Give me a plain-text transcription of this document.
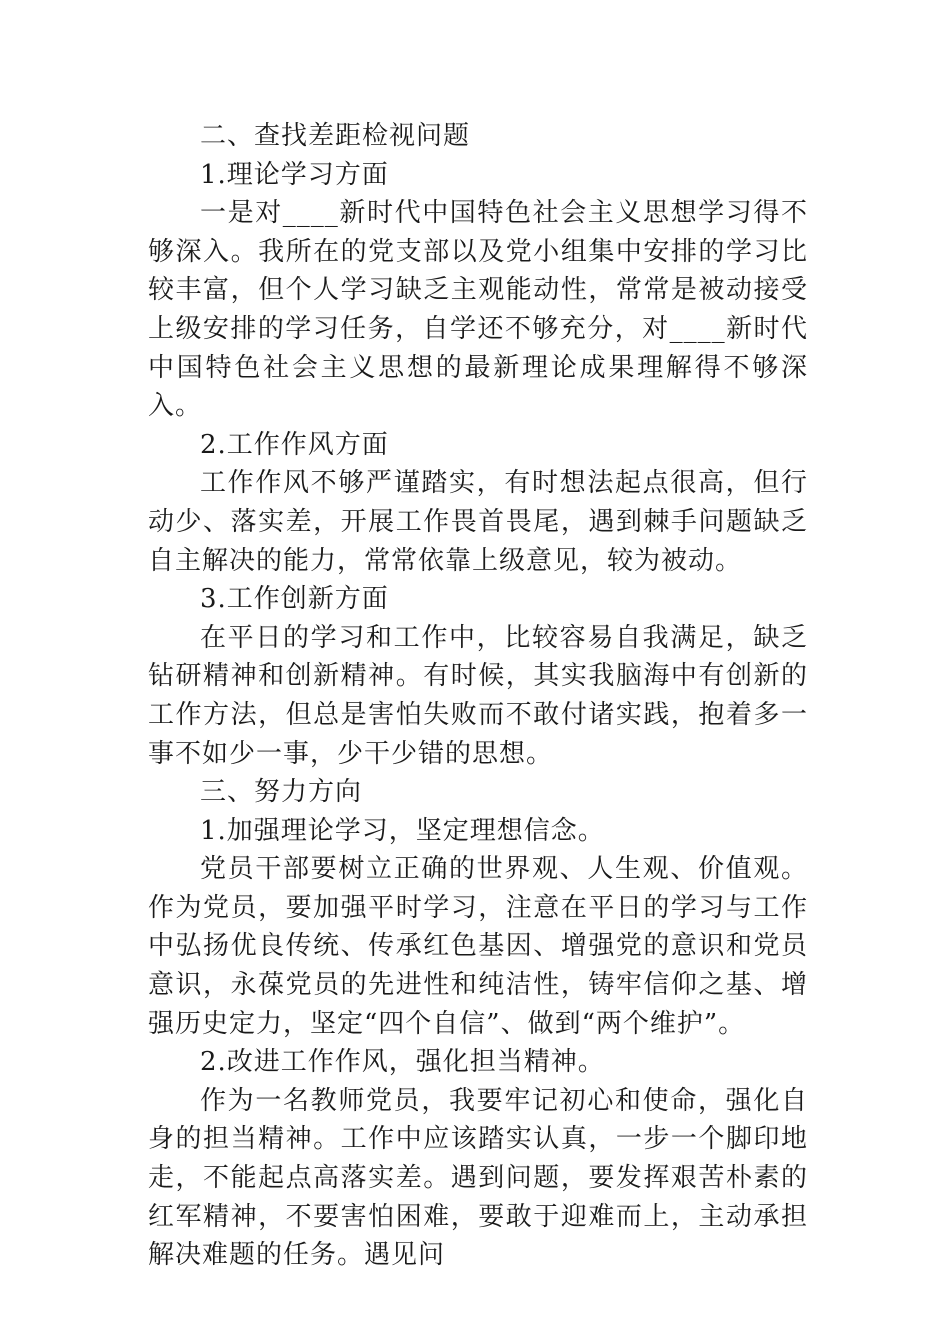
二、查找差距检视问题

1.理论学习方面

一是对____新时代中国特色社会主义思想学习得不够深入。我所在的党支部以及党小组集中安排的学习比较丰富，但个人学习缺乏主观能动性，常常是被动接受上级安排的学习任务，自学还不够充分，对____新时代中国特色社会主义思想的最新理论成果理解得不够深入。

2.工作作风方面

工作作风不够严谨踏实，有时想法起点很高，但行动少、落实差，开展工作畏首畏尾，遇到棘手问题缺乏自主解决的能力，常常依靠上级意见，较为被动。

3.工作创新方面

在平日的学习和工作中，比较容易自我满足，缺乏钻研精神和创新精神。有时候，其实我脑海中有创新的工作方法，但总是害怕失败而不敢付诸实践，抱着多一事不如少一事，少干少错的思想。

三、努力方向

1.加强理论学习，坚定理想信念。

党员干部要树立正确的世界观、人生观、价值观。作为党员，要加强平时学习，注意在平日的学习与工作中弘扬优良传统、传承红色基因、增强党的意识和党员意识，永葆党员的先进性和纯洁性，铸牢信仰之基、增强历史定力，坚定“四个自信”、做到“两个维护”。

2.改进工作作风，强化担当精神。

作为一名教师党员，我要牢记初心和使命，强化自身的担当精神。工作中应该踏实认真，一步一个脚印地走，不能起点高落实差。遇到问题，要发挥艰苦朴素的红军精神，不要害怕困难，要敢于迎难而上，主动承担解决难题的任务。遇见问
